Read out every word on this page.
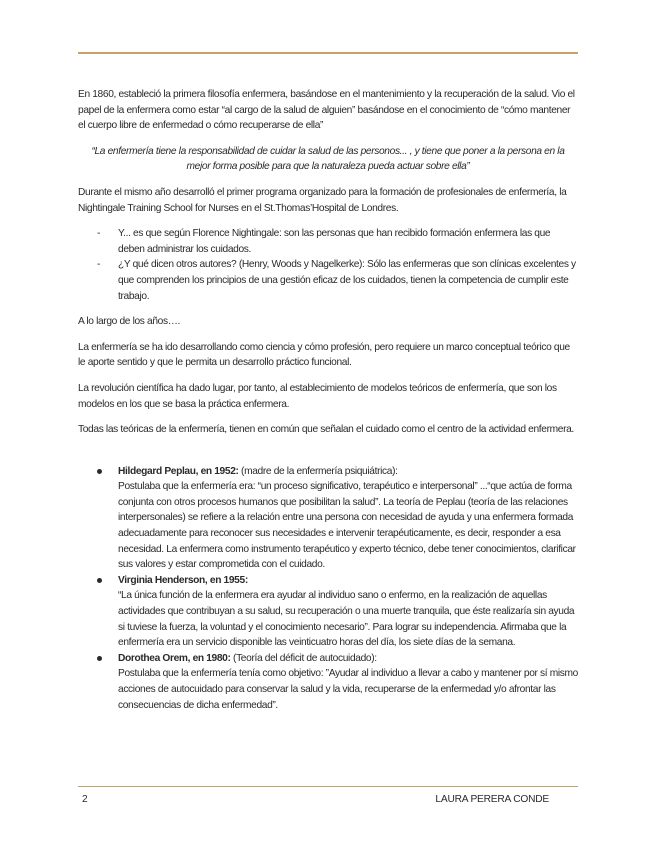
En 1860, estableció la primera filosofía enfermera, basándose en el mantenimiento y la recuperación de la salud. Vio el papel de la enfermera como estar “al cargo de la salud de alguien” basándose en el conocimiento de “cómo mantener el cuerpo libre de enfermedad o cómo recuperarse de ella”

“La enfermería tiene la responsabilidad de cuidar la salud de las personos... , y tiene que poner a la persona en la mejor forma posible para que la naturaleza pueda actuar sobre ella”

Durante el mismo año desarrolló el primer programa organizado para la formación de profesionales de enfermería, la Nightingale Training School for Nurses en el St.Thomas’Hospital de Londres.

- Y... es que según Florence Nightingale: son las personas que han recibido formación enfermera las que deben administrar los cuidados.
- ¿Y qué dicen otros autores? (Henry, Woods y Nagelkerke): Sólo las enfermeras que son clínicas excelentes y que comprenden los principios de una gestión eficaz de los cuidados, tienen la competencia de cumplir este trabajo.

A lo largo de los años….

La enfermería se ha ido desarrollando como ciencia y cómo profesión, pero requiere un marco conceptual teórico que le aporte sentido y que le permita un desarrollo práctico funcional.

La revolución científica ha dado lugar, por tanto, al establecimiento de modelos teóricos de enfermería, que son los modelos en los que se basa la práctica enfermera.

Todas las teóricas de la enfermería, tienen en común que señalan el cuidado como el centro de la actividad enfermera.

Hildegard Peplau, en 1952: (madre de la enfermería psiquiátrica):
Postulaba que la enfermería era: “un proceso significativo, terapéutico e interpersonal” ...“que actúa de forma conjunta con otros procesos humanos que posibilitan la salud”. La teoría de Peplau (teoría de las relaciones interpersonales) se refiere a la relación entre una persona con necesidad de ayuda y una enfermera formada adecuadamente para reconocer sus necesidades e intervenir terapéuticamente, es decir, responder a esa necesidad. La enfermera como instrumento terapéutico y experto técnico, debe tener conocimientos, clarificar sus valores y estar comprometida con el cuidado.
Virginia Henderson, en 1955:
“La única función de la enfermera era ayudar al individuo sano o enfermo, en la realización de aquellas actividades que contribuyan a su salud, su recuperación o una muerte tranquila, que éste realizaría sin ayuda si tuviese la fuerza, la voluntad y el conocimiento necesario”. Para lograr su independencia. Afirmaba que la enfermería era un servicio disponible las veinticuatro horas del día, los siete días de la semana.
Dorothea Orem, en 1980: (Teoría del déficit de autocuidado):
Postulaba que la enfermería tenía como objetivo: ”Ayudar al individuo a llevar a cabo y mantener por sí mismo acciones de autocuidado para conservar la salud y la vida, recuperarse de la enfermedad y/o afrontar las consecuencias de dicha enfermedad”.
2	LAURA PERERA CONDE
